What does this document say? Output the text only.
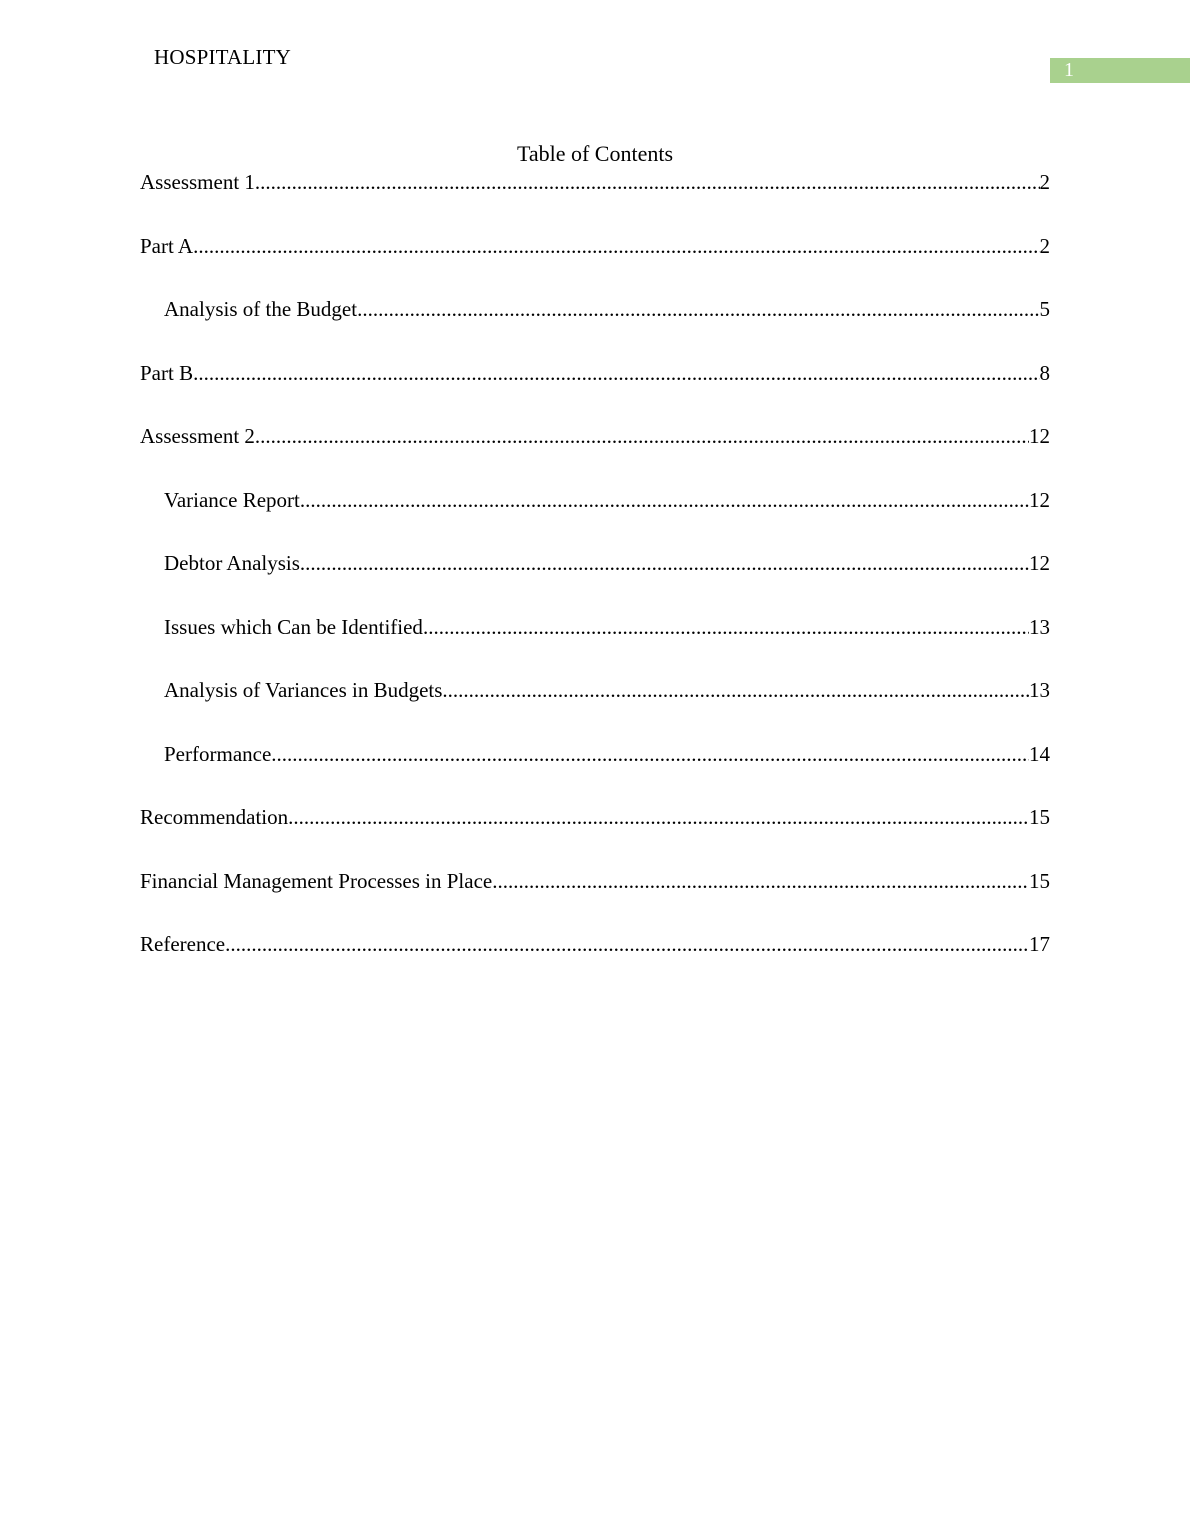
HOSPITALITY
1
Table of Contents
Assessment 1 .....	2
Part A .....	2
Analysis of the Budget .....	5
Part B .....	8
Assessment 2 .....	12
Variance Report .....	12
Debtor Analysis .....	12
Issues which Can be Identified .....	13
Analysis of Variances in Budgets .....	13
Performance .....	14
Recommendation .....	15
Financial Management Processes in Place .....	15
Reference .....	17
